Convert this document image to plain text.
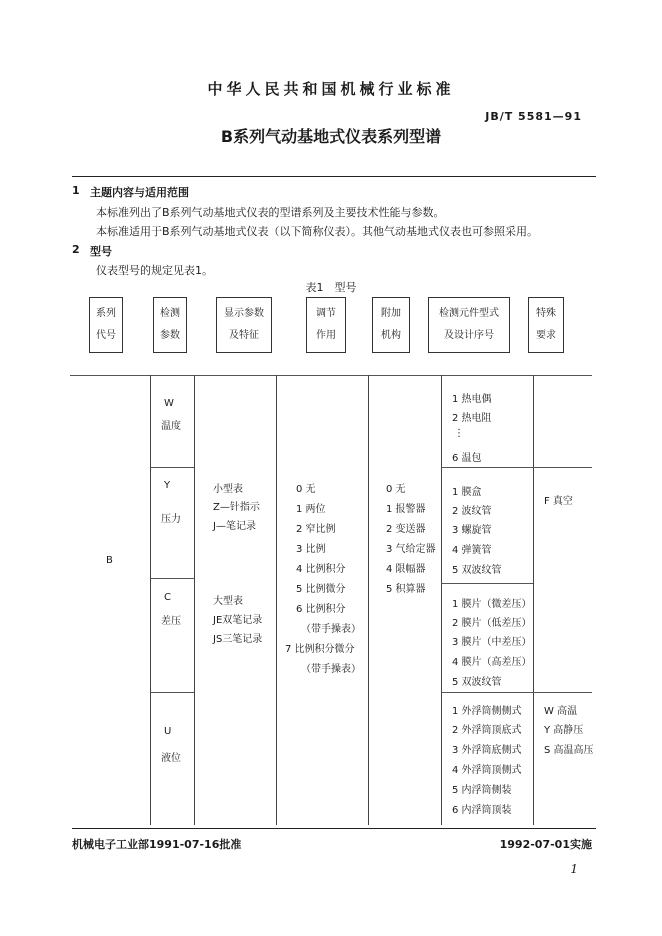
中华人民共和国机械行业标准
JB/T 5581—91
B系列气动基地式仪表系列型谱
1 主题内容与适用范围
本标准列出了B系列气动基地式仪表的型谱系列及主要技术性能与参数。
本标准适用于B系列气动基地式仪表（以下简称仪表）。其他气动基地式仪表也可参照采用。
2 型号
仪表型号的规定见表1。
表1　型号
系列
代号
检测
参数
显示参数
及特征
调节
作用
附加
机构
检测元件型式
及设计序号
特殊
要求
B
W
温度
Y
压力
C
差压
U
液位
小型表
Z—针指示
J—笔记录
大型表
JE双笔记录
JS三笔记录
0 无
1 两位
2 窄比例
3 比例
4 比例积分
5 比例微分
6 比例积分
（带手操表）
7 比例积分微分
（带手操表）
0 无
1 报警器
2 变送器
3 气给定器
4 限幅器
5 积算器
1 热电偶
2 热电阻
⋮
6 温包
1 膜盒
2 波纹管
3 螺旋管
4 弹簧管
5 双波纹管
1 膜片（微差压）
2 膜片（低差压）
3 膜片（中差压）
4 膜片（高差压）
5 双波纹管
1 外浮筒侧侧式
2 外浮筒顶底式
3 外浮筒底侧式
4 外浮筒顶侧式
5 内浮筒侧装
6 内浮筒顶装
F 真空
W 高温
Y 高静压
S 高温高压
机械电子工业部1991-07-16批准	1992-07-01实施
1
